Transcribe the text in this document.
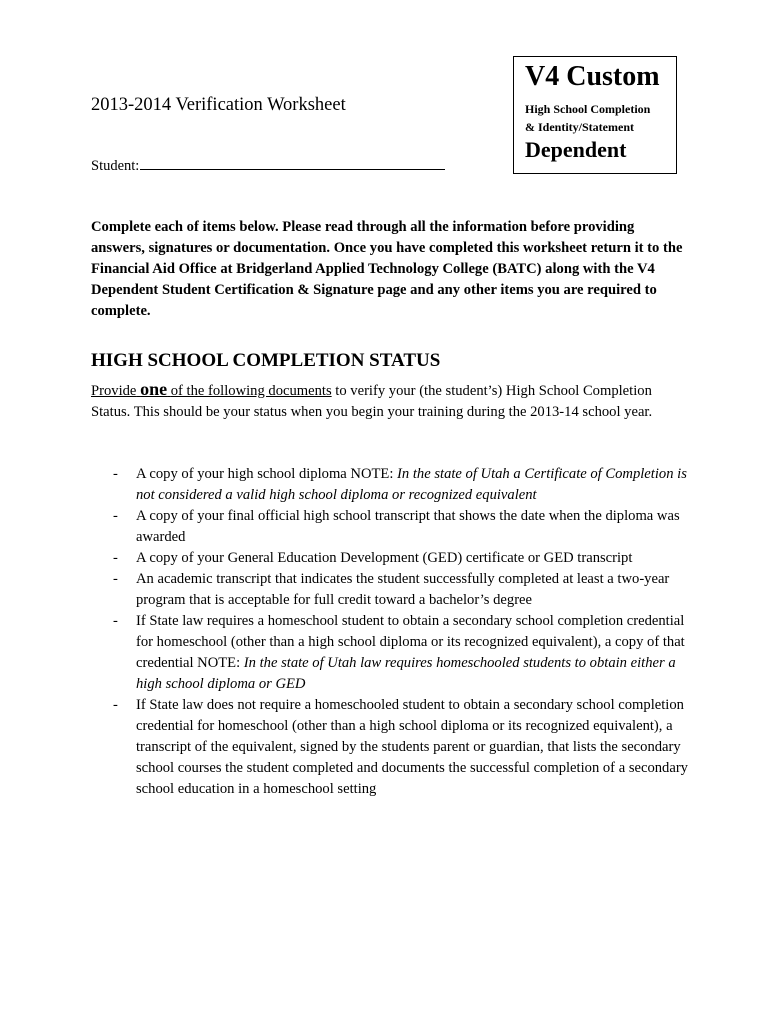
2013-2014 Verification Worksheet
Student:
V4 Custom
High School Completion
& Identity/Statement
Dependent

Complete each of items below. Please read through all the information before providing answers, signatures or documentation. Once you have completed this worksheet return it to the Financial Aid Office at Bridgerland Applied Technology College (BATC) along with the V4 Dependent Student Certification & Signature page and any other items you are required to complete.

HIGH SCHOOL COMPLETION STATUS

Provide one of the following documents to verify your (the student’s) High School Completion Status. This should be your status when you begin your training during the 2013-14 school year.

- A copy of your high school diploma NOTE: In the state of Utah a Certificate of Completion is not considered a valid high school diploma or recognized equivalent
- A copy of your final official high school transcript that shows the date when the diploma was awarded
- A copy of your General Education Development (GED) certificate or GED transcript
- An academic transcript that indicates the student successfully completed at least a two-year program that is acceptable for full credit toward a bachelor’s degree
- If State law requires a homeschool student to obtain a secondary school completion credential for homeschool (other than a high school diploma or its recognized equivalent), a copy of that credential NOTE: In the state of Utah law requires homeschooled students to obtain either a high school diploma or GED
- If State law does not require a homeschooled student to obtain a secondary school completion credential for homeschool (other than a high school diploma or its recognized equivalent), a transcript of the equivalent, signed by the students parent or guardian, that lists the secondary school courses the student completed and documents the successful completion of a secondary school education in a homeschool setting
